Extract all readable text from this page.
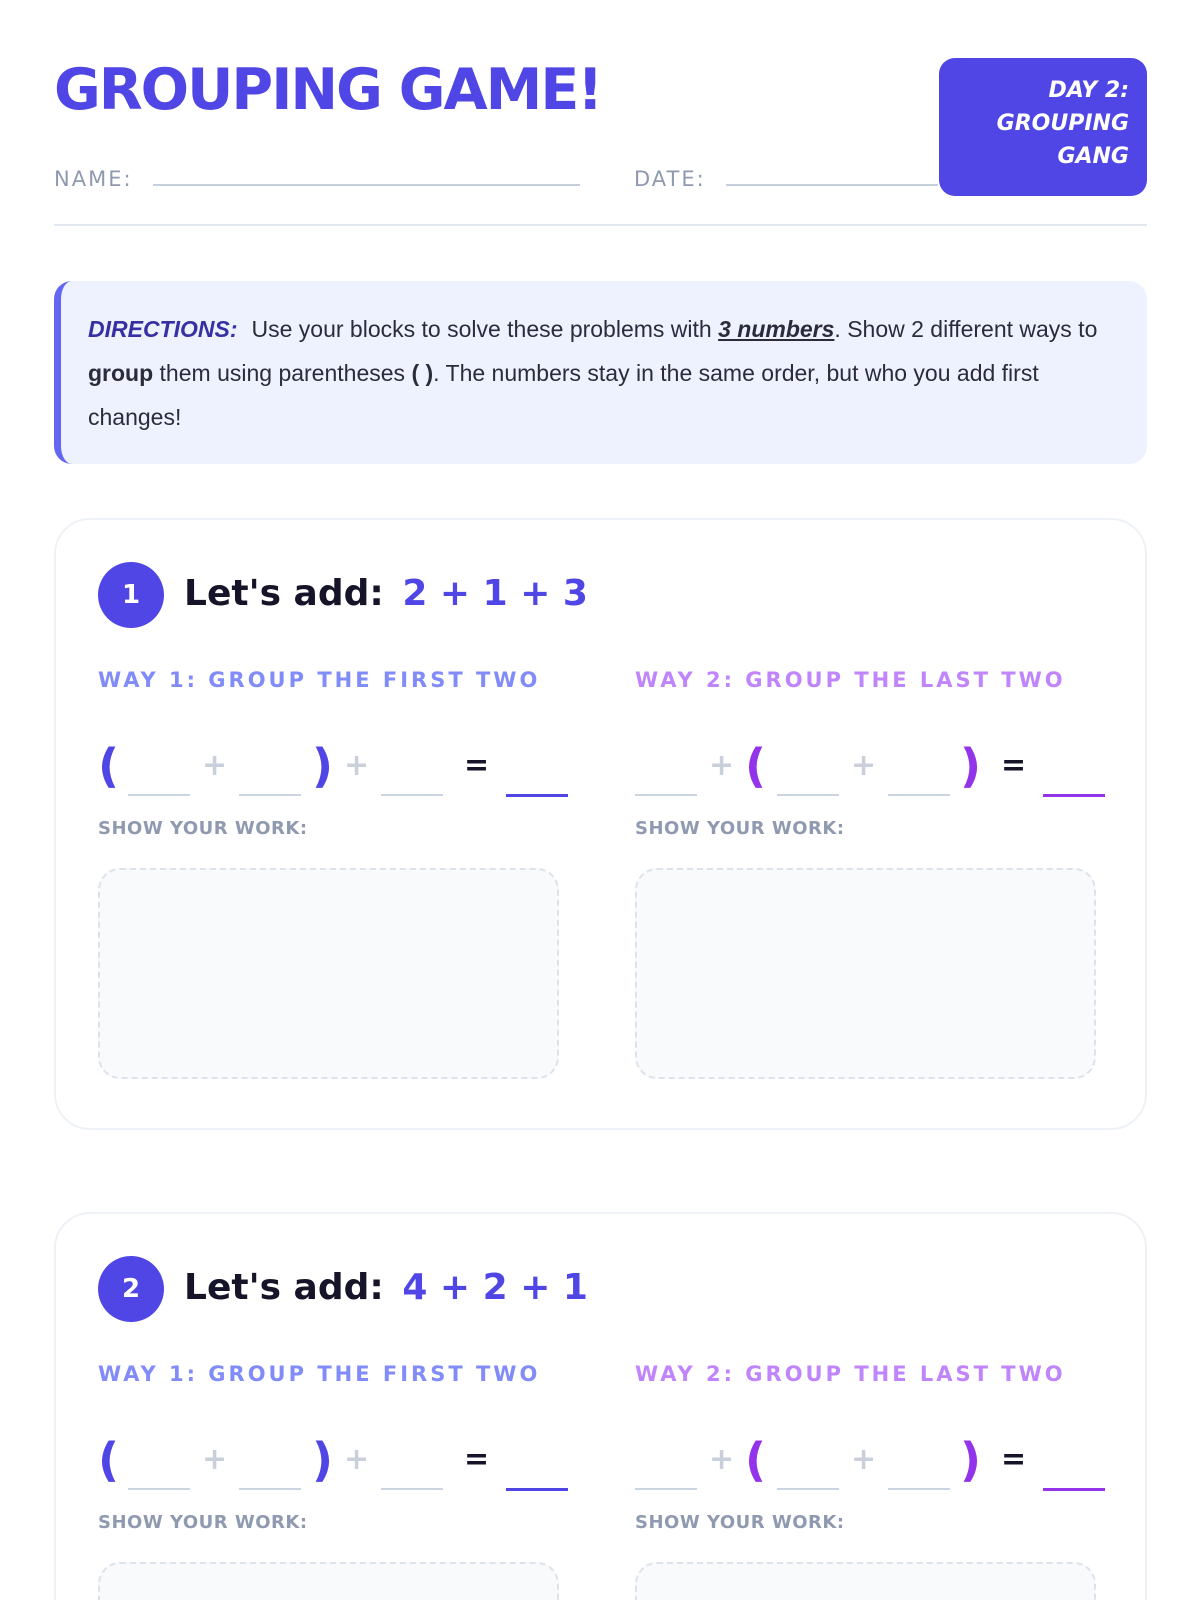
GROUPING GAME!	DAY 2:
GROUPING
GANG
NAME:	DATE:
DIRECTIONS: Use your blocks to solve these problems with 3 numbers. Show 2 different ways to group them using parentheses ( ). The numbers stay in the same order, but who you add first changes!
1	Let's add: 2 + 1 + 3
WAY 1: GROUP THE FIRST TWO	WAY 2: GROUP THE LAST TWO
(	+ ) +	=	+ (	+ ) =
SHOW YOUR WORK:	SHOW YOUR WORK:
2	Let's add: 4 + 2 + 1
WAY 1: GROUP THE FIRST TWO	WAY 2: GROUP THE LAST TWO
(	+ ) +	=	+ (	+ ) =
SHOW YOUR WORK:	SHOW YOUR WORK:
